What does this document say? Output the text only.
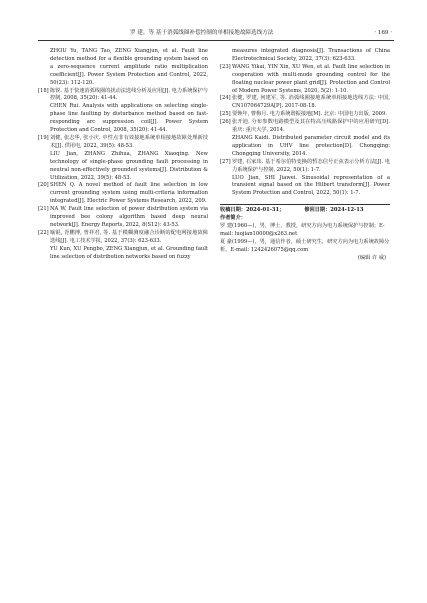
罗 建，等 基于消弧线圈补偿控制的单相接地故障选线方法	· 169 ·

ZHOU Yu, TANG Tao, ZENG Xiangjun, et al. Fault line detection method for a flexible grounding system based on a zero-sequence current amplitude ratio multiplication coefficient[J]. Power System Protection and Control, 2022, 50(23): 112-120.

[18] 陈锐. 基于快速消弧线圈的扰动法选线分析及应用[J]. 电力系统保护与控制, 2008, 35(20): 41-44.

CHEN Rui. Analysis with applications on selecting single-phase line faulting by disturbance method based on fast-responding arc suppression coil[J]. Power System Protection and Control, 2008, 35(20): 41-44.

[19] 刘健, 张志华, 张小庆. 中性点非有效接地系统单相接地故障处理新技术[J]. 供用电, 2022, 39(5): 48-53.

LIU Jian, ZHANG Zhihua, ZHANG Xiaoqing. New technology of single-phase grounding fault processing in neutral non-effectively grounded systems[J]. Distribution & Utilization, 2022, 39(5): 48-53.

[20] SHEN Q. A novel method of fault line selection in low current grounding system using multi-criteria information integrated[J]. Electric Power Systems Research, 2022, 209.

[21] NA W. Fault line selection of power distribution system via improved bee colony algorithm based deep neural network[J]. Energy Reports, 2022, 8(S12): 43-53.

[22] 喻锟, 胥鹏博, 曾祥君, 等. 基于模糊测度融合诊断的配电网接地故障选线[J]. 电工技术学报, 2022, 37(3): 623-633.

YU Kun, XU Pengbo, ZENG Xiangjun, et al. Grounding fault line selection of distribution networks based on fuzzy

measures integrated diagnosis[J]. Transactions of China Electrotechnical Society, 2022, 37(3): 623-633.

[23] WANG Yikai, YIN Xin, XU Wen, et al. Fault line selection in cooperation with multi-mode grounding control for the floating nuclear power plant grid[J]. Protection and Control of Modern Power Systems, 2020, 5(2): 1-10.

[24] 张健, 罗建, 何建军, 等. 消弧线圈接地系统单相接地选线方法: 中国, CN107064729A[P]. 2017-08-18.

[25] 要焕年, 曹梅月. 电力系统谐振接地[M]. 北京: 中国电力出版, 2009.

[26] 张开迪. 分布参数电路模型及其在特高压线路保护中的应用研究[D]. 重庆: 重庆大学, 2014.

ZHANG Kaidi. Distributed parameter circuit model and its application in UHV line protection[D]. Chongqing: Chongqing University, 2014.

[27] 罗建, 石家玮. 基于希尔伯特变换的暂态信号正弦表示分析方法[J]. 电力系统保护与控制, 2022, 50(1): 1-7.

LUO Jian, SHI Jiawei. Sinusoidal representation of a transient signal based on the Hilbert transform[J]. Power System Protection and Control, 2022, 50(1): 1-7.

收稿日期：2024-01-31；	修回日期：2024-12-13

作者简介：

罗 建(1960—)，男，博士，教授，研究方向为电力系统保护与控制；E-mail: luojian10000@x263.net

夏 豪(1999—)，男，通信作者，硕士研究生，研究方向为电力系统故障分析。E-mail: 1242426075@qq.com

(编辑 许 威)
